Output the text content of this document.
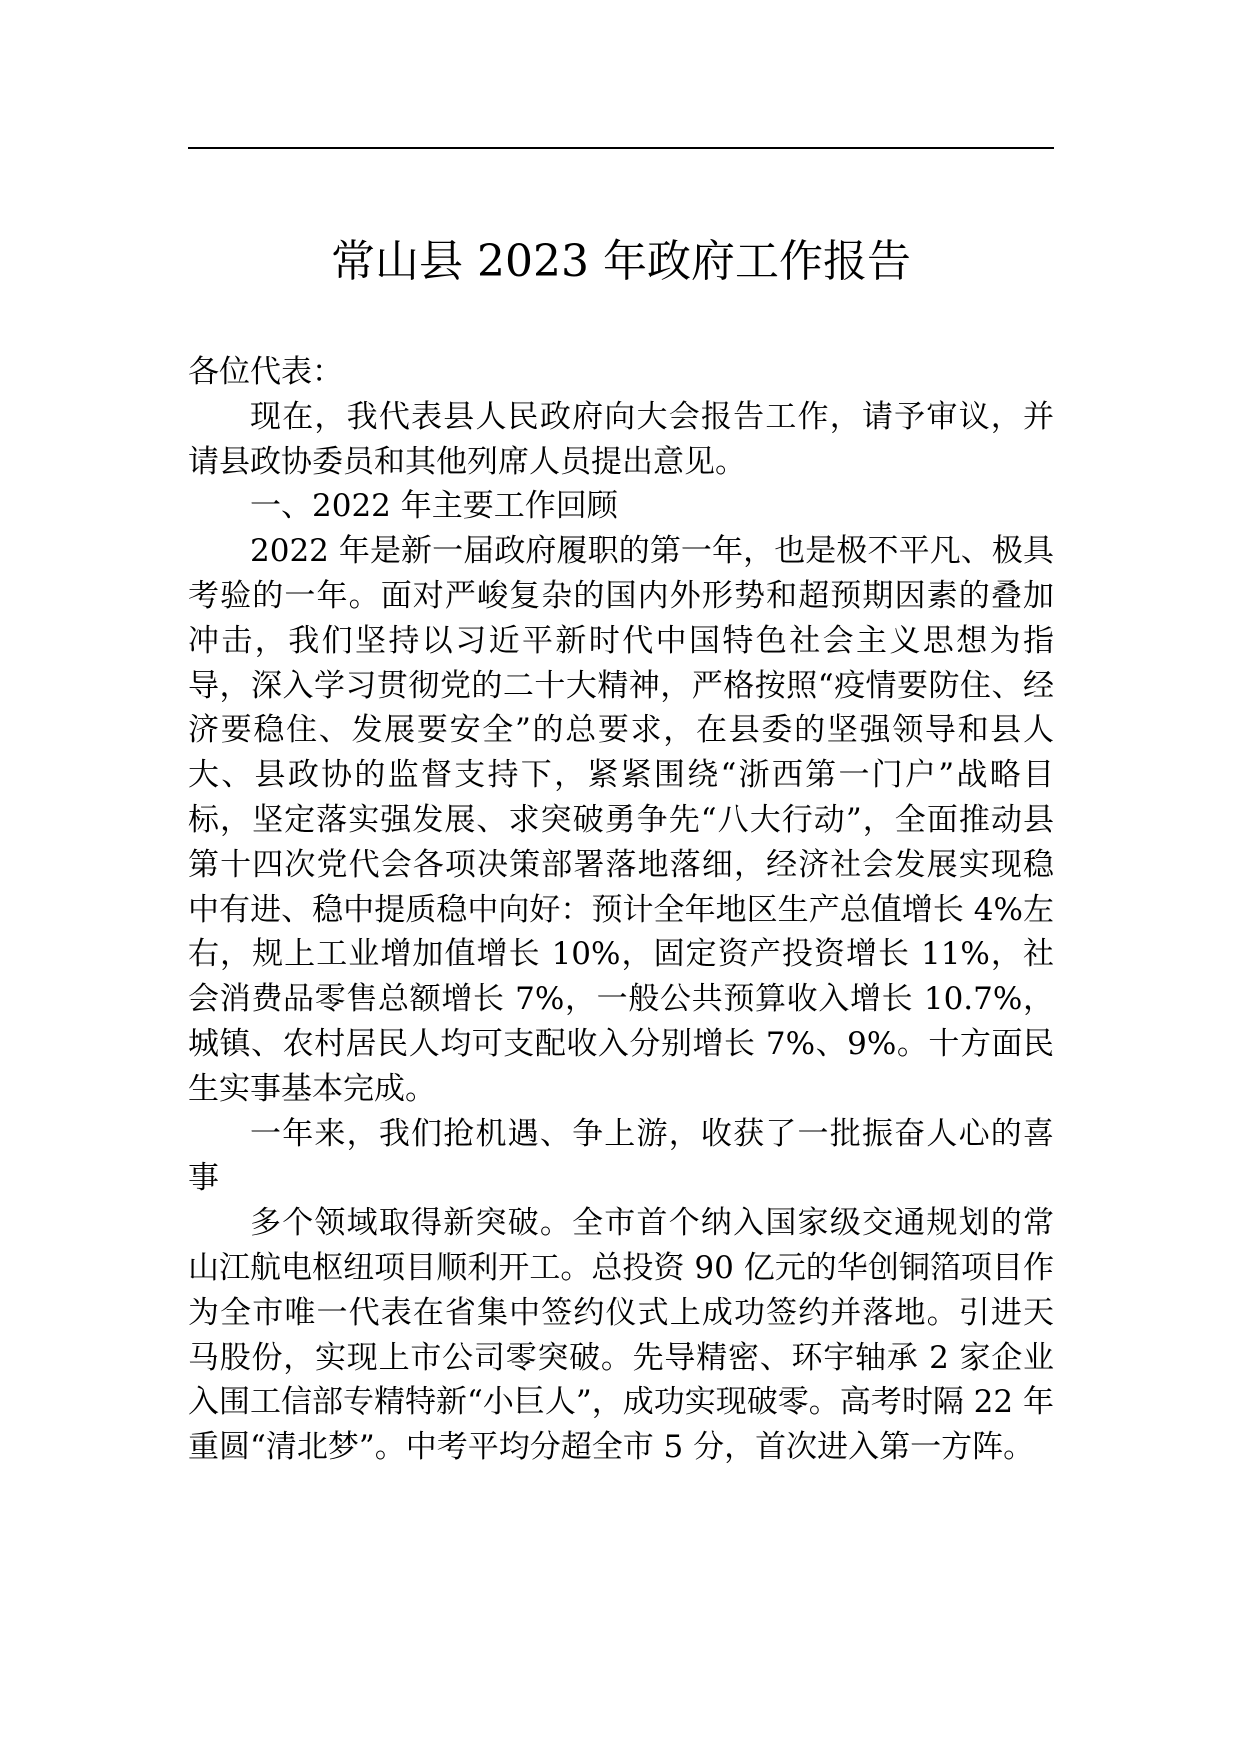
常山县 2023 年政府工作报告

各位代表：

现在，我代表县人民政府向大会报告工作，请予审议，并请县政协委员和其他列席人员提出意见。

一、2022 年主要工作回顾

2022 年是新一届政府履职的第一年，也是极不平凡、极具考验的一年。面对严峻复杂的国内外形势和超预期因素的叠加冲击，我们坚持以习近平新时代中国特色社会主义思想为指导，深入学习贯彻党的二十大精神，严格按照“疫情要防住、经济要稳住、发展要安全”的总要求，在县委的坚强领导和县人大、县政协的监督支持下，紧紧围绕“浙西第一门户”战略目标，坚定落实强发展、求突破勇争先“八大行动”，全面推动县第十四次党代会各项决策部署落地落细，经济社会发展实现稳中有进、稳中提质稳中向好：预计全年地区生产总值增长 4%左右，规上工业增加值增长 10%，固定资产投资增长 11%，社会消费品零售总额增长 7%，一般公共预算收入增长 10.7%，城镇、农村居民人均可支配收入分别增长 7%、9%。十方面民生实事基本完成。

一年来，我们抢机遇、争上游，收获了一批振奋人心的喜事

多个领域取得新突破。全市首个纳入国家级交通规划的常山江航电枢纽项目顺利开工。总投资 90 亿元的华创铜箔项目作为全市唯一代表在省集中签约仪式上成功签约并落地。引进天马股份，实现上市公司零突破。先导精密、环宇轴承 2 家企业入围工信部专精特新“小巨人”，成功实现破零。高考时隔 22 年重圆“清北梦”。中考平均分超全市 5 分，首次进入第一方阵。
